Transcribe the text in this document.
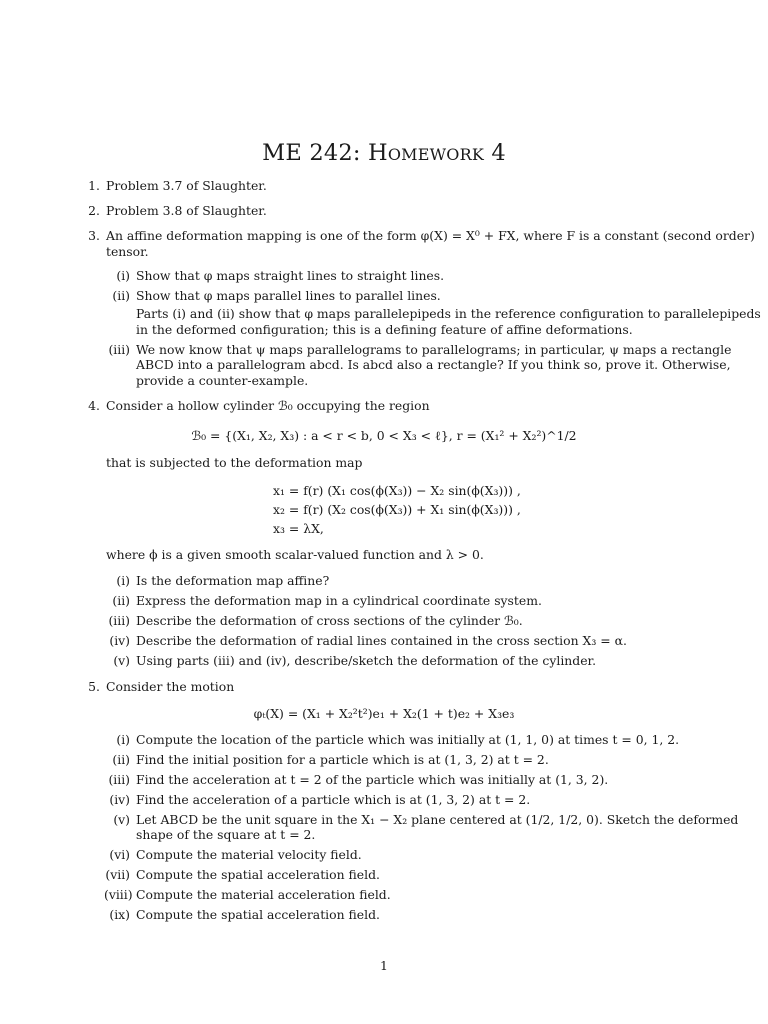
ME 242: Homework 4
1. Problem 3.7 of Slaughter.
2. Problem 3.8 of Slaughter.
3. An affine deformation mapping is one of the form φ(X) = X⁰ + FX, where F is a constant (second order)
tensor.
(i) Show that φ maps straight lines to straight lines.
(ii) Show that φ maps parallel lines to parallel lines.
Parts (i) and (ii) show that φ maps parallelepipeds in the reference configuration to parallelepipeds
in the deformed configuration; this is a defining feature of affine deformations.
(iii) We now know that ψ maps parallelograms to parallelograms; in particular, ψ maps a rectangle
ABCD into a parallelogram abcd. Is abcd also a rectangle? If you think so, prove it. Otherwise,
provide a counter-example.
4. Consider a hollow cylinder ℬ₀ occupying the region
ℬ₀ = {(X₁, X₂, X₃) : a < r < b, 0 < X₃ < ℓ}, r = (X₁² + X₂²)^1/2
that is subjected to the deformation map
x₁ = f(r) (X₁ cos(ϕ(X₃)) − X₂ sin(ϕ(X₃))) ,
x₂ = f(r) (X₂ cos(ϕ(X₃)) + X₁ sin(ϕ(X₃))) ,
x₃ = λX,
where ϕ is a given smooth scalar-valued function and λ > 0.
(i) Is the deformation map affine?
(ii) Express the deformation map in a cylindrical coordinate system.
(iii) Describe the deformation of cross sections of the cylinder ℬ₀.
(iv) Describe the deformation of radial lines contained in the cross section X₃ = α.
(v) Using parts (iii) and (iv), describe/sketch the deformation of the cylinder.
5. Consider the motion
φₜ(X) = (X₁ + X₂²t²)e₁ + X₂(1 + t)e₂ + X₃e₃
(i) Compute the location of the particle which was initially at (1, 1, 0) at times t = 0, 1, 2.
(ii) Find the initial position for a particle which is at (1, 3, 2) at t = 2.
(iii) Find the acceleration at t = 2 of the particle which was initially at (1, 3, 2).
(iv) Find the acceleration of a particle which is at (1, 3, 2) at t = 2.
(v) Let ABCD be the unit square in the X₁ − X₂ plane centered at (1/2, 1/2, 0). Sketch the deformed
shape of the square at t = 2.
(vi) Compute the material velocity field.
(vii) Compute the spatial acceleration field.
(viii) Compute the material acceleration field.
(ix) Compute the spatial acceleration field.
1
